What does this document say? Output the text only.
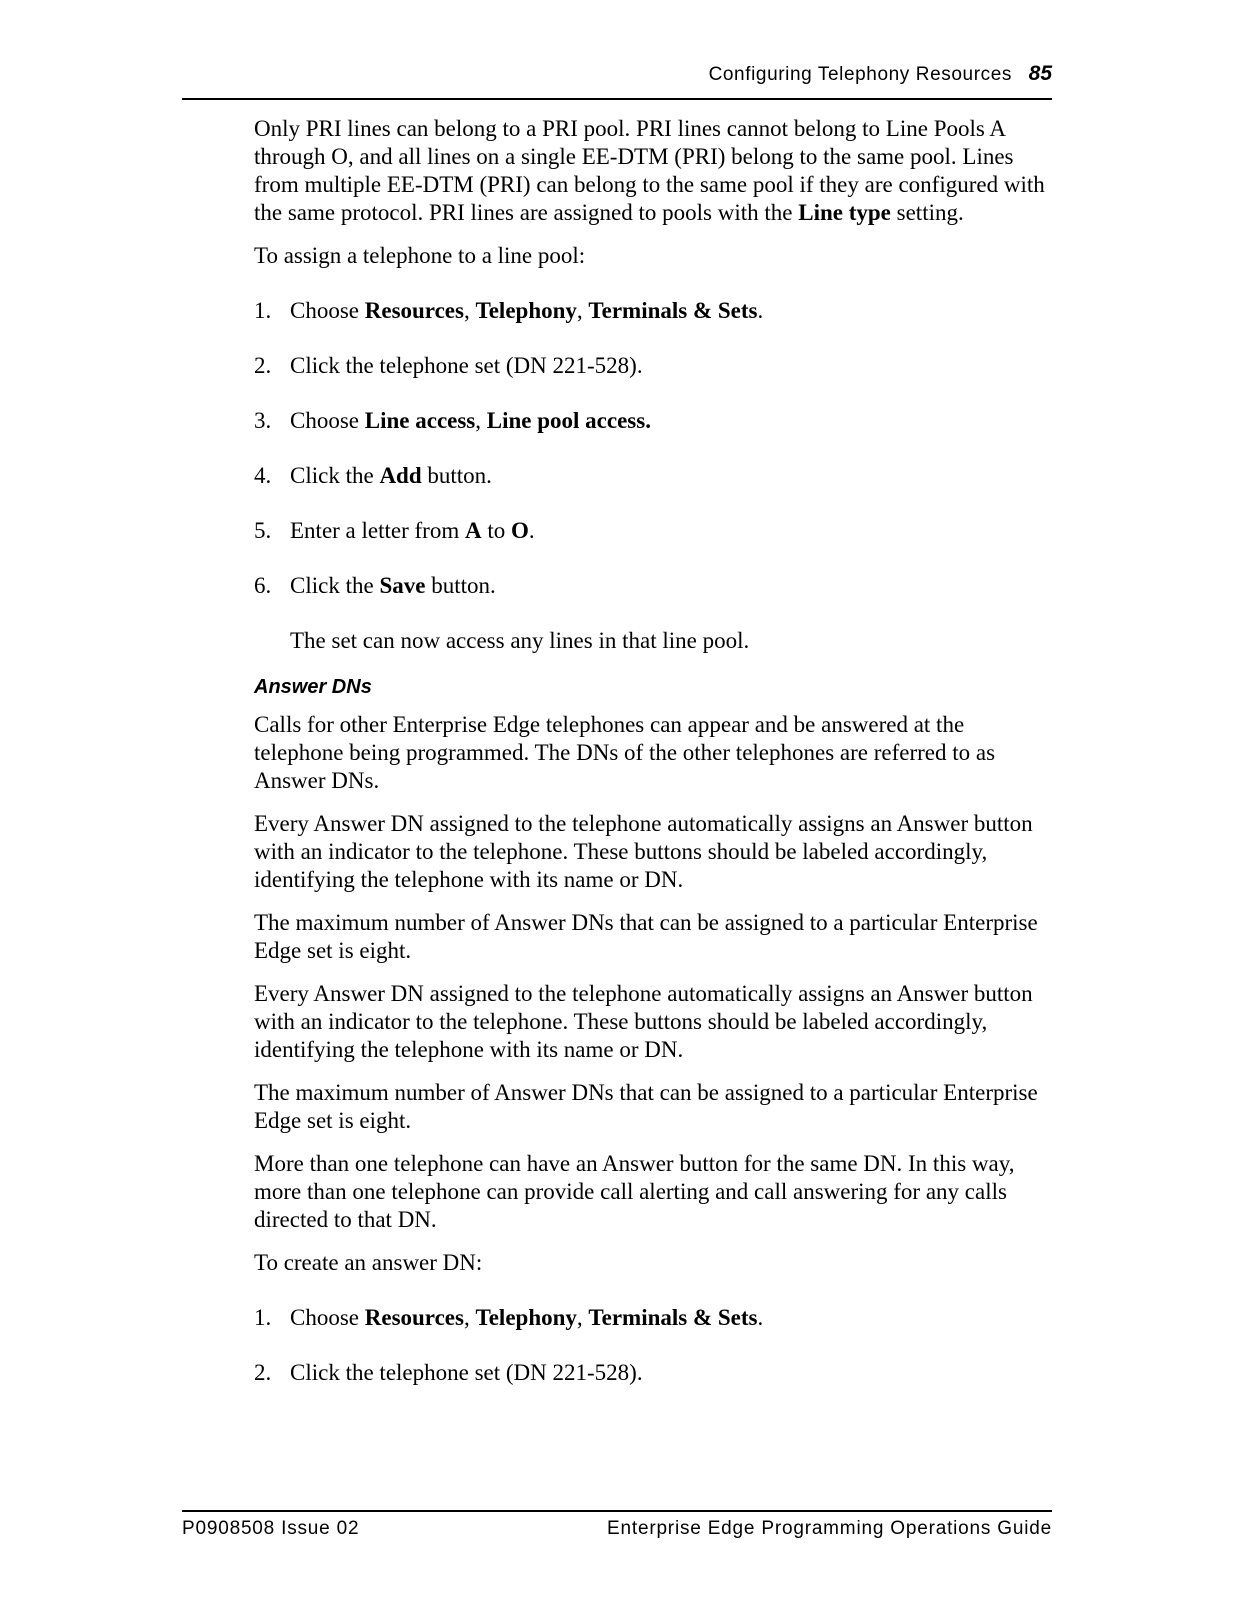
Configuring Telephony Resources 85

Only PRI lines can belong to a PRI pool. PRI lines cannot belong to Line Pools A through O, and all lines on a single EE-DTM (PRI) belong to the same pool. Lines from multiple EE-DTM (PRI) can belong to the same pool if they are configured with the same protocol. PRI lines are assigned to pools with the Line type setting.

To assign a telephone to a line pool:

1. Choose Resources, Telephony, Terminals & Sets.
2. Click the telephone set (DN 221-528).
3. Choose Line access, Line pool access.
4. Click the Add button.
5. Enter a letter from A to O.
6. Click the Save button.

The set can now access any lines in that line pool.

Answer DNs

Calls for other Enterprise Edge telephones can appear and be answered at the telephone being programmed. The DNs of the other telephones are referred to as Answer DNs.

Every Answer DN assigned to the telephone automatically assigns an Answer button with an indicator to the telephone. These buttons should be labeled accordingly, identifying the telephone with its name or DN.

The maximum number of Answer DNs that can be assigned to a particular Enterprise Edge set is eight.

Every Answer DN assigned to the telephone automatically assigns an Answer button with an indicator to the telephone. These buttons should be labeled accordingly, identifying the telephone with its name or DN.

The maximum number of Answer DNs that can be assigned to a particular Enterprise Edge set is eight.

More than one telephone can have an Answer button for the same DN. In this way, more than one telephone can provide call alerting and call answering for any calls directed to that DN.

To create an answer DN:

1. Choose Resources, Telephony, Terminals & Sets.
2. Click the telephone set (DN 221-528).
P0908508 Issue 02	Enterprise Edge Programming Operations Guide
